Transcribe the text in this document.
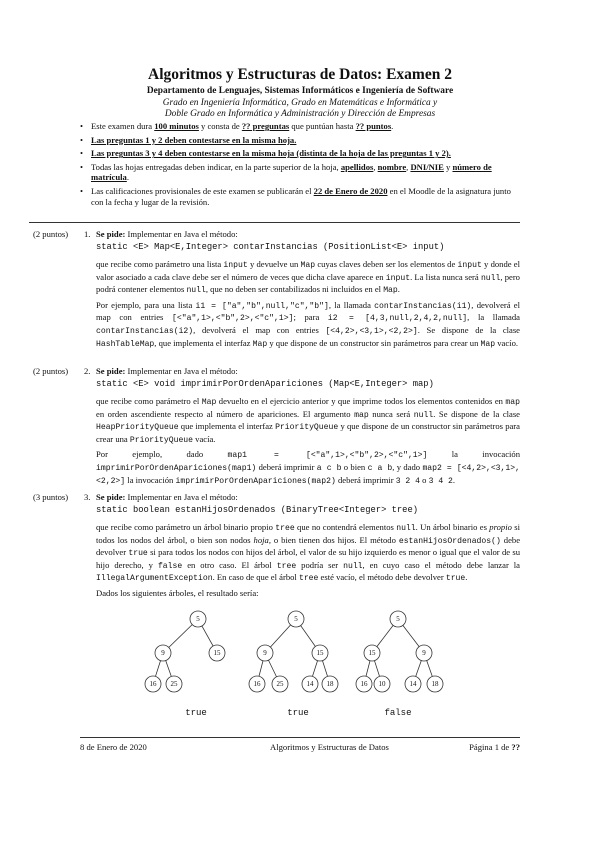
Algoritmos y Estructuras de Datos: Examen 2
Departamento de Lenguajes, Sistemas Informáticos e Ingeniería de Software
Grado en Ingeniería Informática, Grado en Matemáticas e Informática y
Doble Grado en Informática y Administración y Dirección de Empresas
• Este examen dura 100 minutos y consta de ?? preguntas que puntúan hasta ?? puntos.
• Las preguntas 1 y 2 deben contestarse en la misma hoja.
• Las preguntas 3 y 4 deben contestarse en la misma hoja (distinta de la hoja de las preguntas 1 y 2).
• Todas las hojas entregadas deben indicar, en la parte superior de la hoja, apellidos, nombre, DNI/NIE y número de matrícula.
• Las calificaciones provisionales de este examen se publicarán el 22 de Enero de 2020 en el Moodle de la asignatura junto con la fecha y lugar de la revisión.
(2 puntos) 1. Se pide: Implementar en Java el método:
static <E> Map<E,Integer> contarInstancias (PositionList<E> input)

que recibe como parámetro una lista input y devuelve un Map cuyas claves deben ser los elementos de input y donde el valor asociado a cada clave debe ser el número de veces que dicha clave aparece en input. La lista nunca será null, pero podrá contener elementos null, que no deben ser contabilizados ni incluidos en el Map.

Por ejemplo, para una lista i1 = ["a","b",null,"c","b"], la llamada contarInstancias(i1), devolverá el map con entries [<"a",1>,<"b",2>,<"c",1>]; para i2 = [4,3,null,2,4,2,null], la llamada contarInstancias(i2), devolverá el map con entries [<4,2>,<3,1>,<2,2>]. Se dispone de la clase HashTableMap, que implementa el interfaz Map y que dispone de un constructor sin parámetros para crear un Map vacío.

(2 puntos) 2. Se pide: Implementar en Java el método:
static <E> void imprimirPorOrdenApariciones (Map<E,Integer> map)

que recibe como parámetro el Map devuelto en el ejercicio anterior y que imprime todos los elementos contenidos en map en orden ascendiente respecto al número de apariciones. El argumento map nunca será null. Se dispone de la clase HeapPriorityQueue que implementa el interfaz PriorityQueue y que dispone de un constructor sin parámetros para crear una PriorityQueue vacía.

Por ejemplo, dado map1 = [<"a",1>,<"b",2>,<"c",1>] la invocación imprimirPorOrdenApariciones(map1) deberá imprimir a c b o bien c a b, y dado map2 = [<4,2>,<3,1>,<2,2>] la invocación imprimirPorOrdenApariciones(map2) deberá imprimir 3 2 4 o 3 4 2.

(3 puntos) 3. Se pide: Implementar en Java el método:
static boolean estanHijosOrdenados (BinaryTree<Integer> tree)

que recibe como parámetro un árbol binario propio tree que no contendrá elementos null. Un árbol binario es propio si todos los nodos del árbol, o bien son nodos hoja, o bien tienen dos hijos. El método estanHijosOrdenados() debe devolver true si para todos los nodos con hijos del árbol, el valor de su hijo izquierdo es menor o igual que el valor de su hijo derecho, y false en otro caso. El árbol tree podría ser null, en cuyo caso el método debe lanzar la IllegalArgumentException. En caso de que el árbol tree esté vacío, el método debe devolver true.

Dados los siguientes árboles, el resultado sería:

5
9	15
16 25
5
9	15
16 25	14 18
5
15	9
16 10	14 18
true	true	false
8 de Enero de 2020	Algoritmos y Estructuras de Datos	Página 1 de ??
